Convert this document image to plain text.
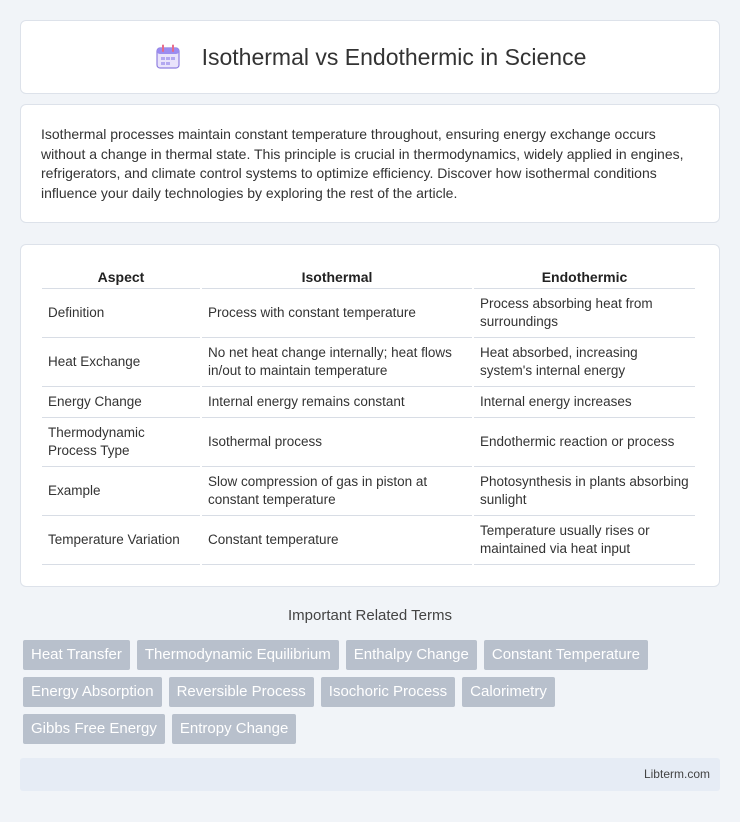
Isothermal vs Endothermic in Science

Isothermal processes maintain constant temperature throughout, ensuring energy exchange occurs without a change in thermal state. This principle is crucial in thermodynamics, widely applied in engines, refrigerators, and climate control systems to optimize efficiency. Discover how isothermal conditions influence your daily technologies by exploring the rest of the article.

Aspect	Isothermal	Endothermic
Definition	Process with constant temperature	Process absorbing heat from surroundings
Heat Exchange	No net heat change internally; heat flows in/out to maintain temperature	Heat absorbed, increasing system's internal energy
Energy Change	Internal energy remains constant	Internal energy increases
Thermodynamic Process Type	Isothermal process	Endothermic reaction or process
Example	Slow compression of gas in piston at constant temperature	Photosynthesis in plants absorbing sunlight
Temperature Variation	Constant temperature	Temperature usually rises or maintained via heat input
Important Related Terms
Heat Transfer	Thermodynamic Equilibrium	Enthalpy Change	Constant Temperature
Energy Absorption	Reversible Process	Isochoric Process	Calorimetry
Gibbs Free Energy	Entropy Change
Libterm.com
